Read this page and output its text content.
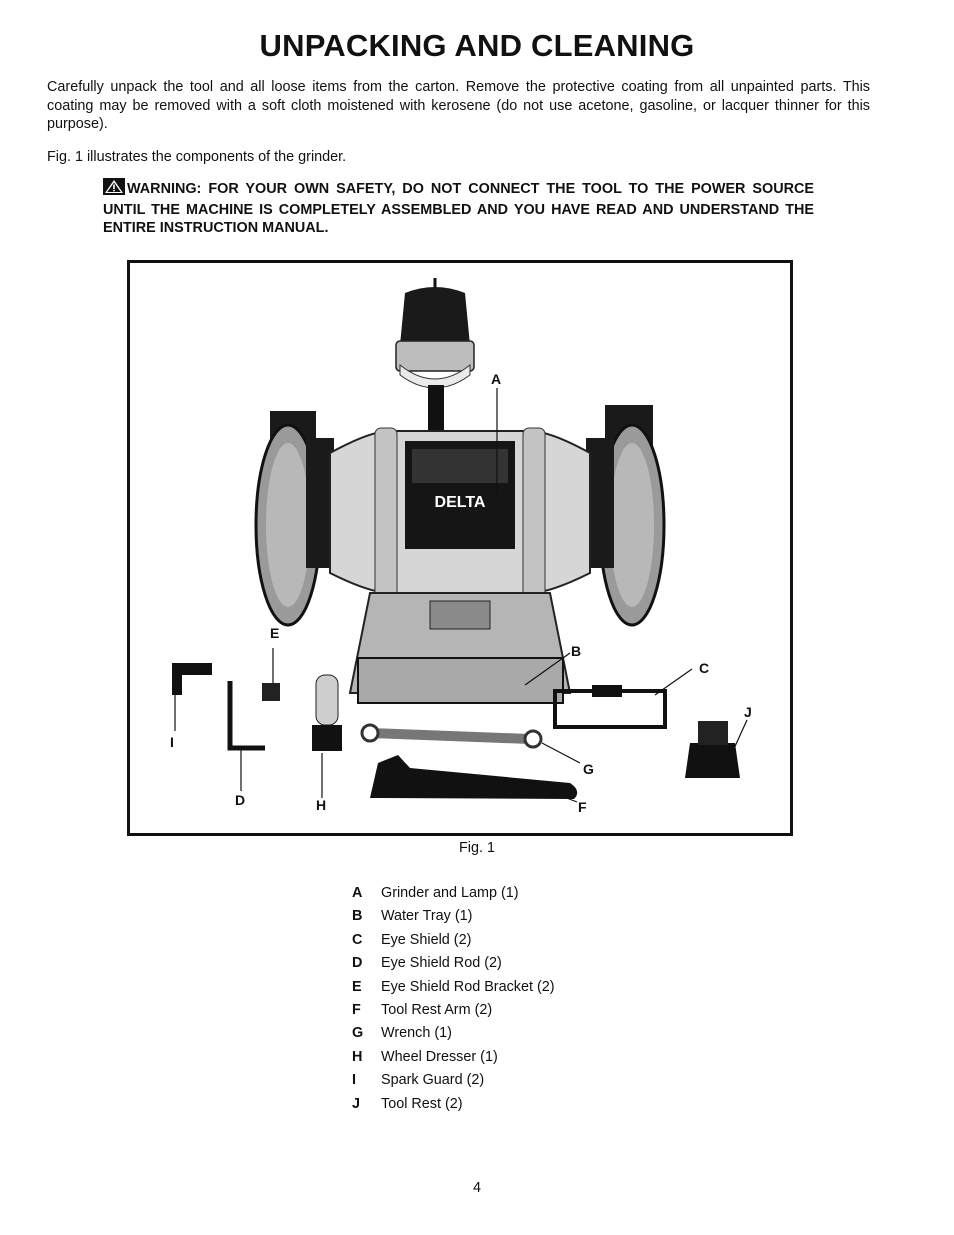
UNPACKING AND CLEANING

Carefully unpack the tool and all loose items from the carton. Remove the protective coating from all unpainted parts. This coating may be removed with a soft cloth moistened with kerosene (do not use acetone, gasoline, or lacquer thinner for this purpose).

Fig. 1 illustrates the components of the grinder.

WARNING: FOR YOUR OWN SAFETY, DO NOT CONNECT THE TOOL TO THE POWER SOURCE UNTIL THE MACHINE IS COMPLETELY ASSEMBLED AND YOU HAVE READ AND UNDERSTAND THE ENTIRE INSTRUCTION MANUAL.

DELTA
A
B
C
D
E
F
G
H
I
J

Fig. 1

A Grinder and Lamp (1)
B Water Tray (1)
C Eye Shield (2)
D Eye Shield Rod (2)
E Eye Shield Rod Bracket (2)
F Tool Rest Arm (2)
G Wrench (1)
H Wheel Dresser (1)
I Spark Guard (2)
J Tool Rest (2)

4
